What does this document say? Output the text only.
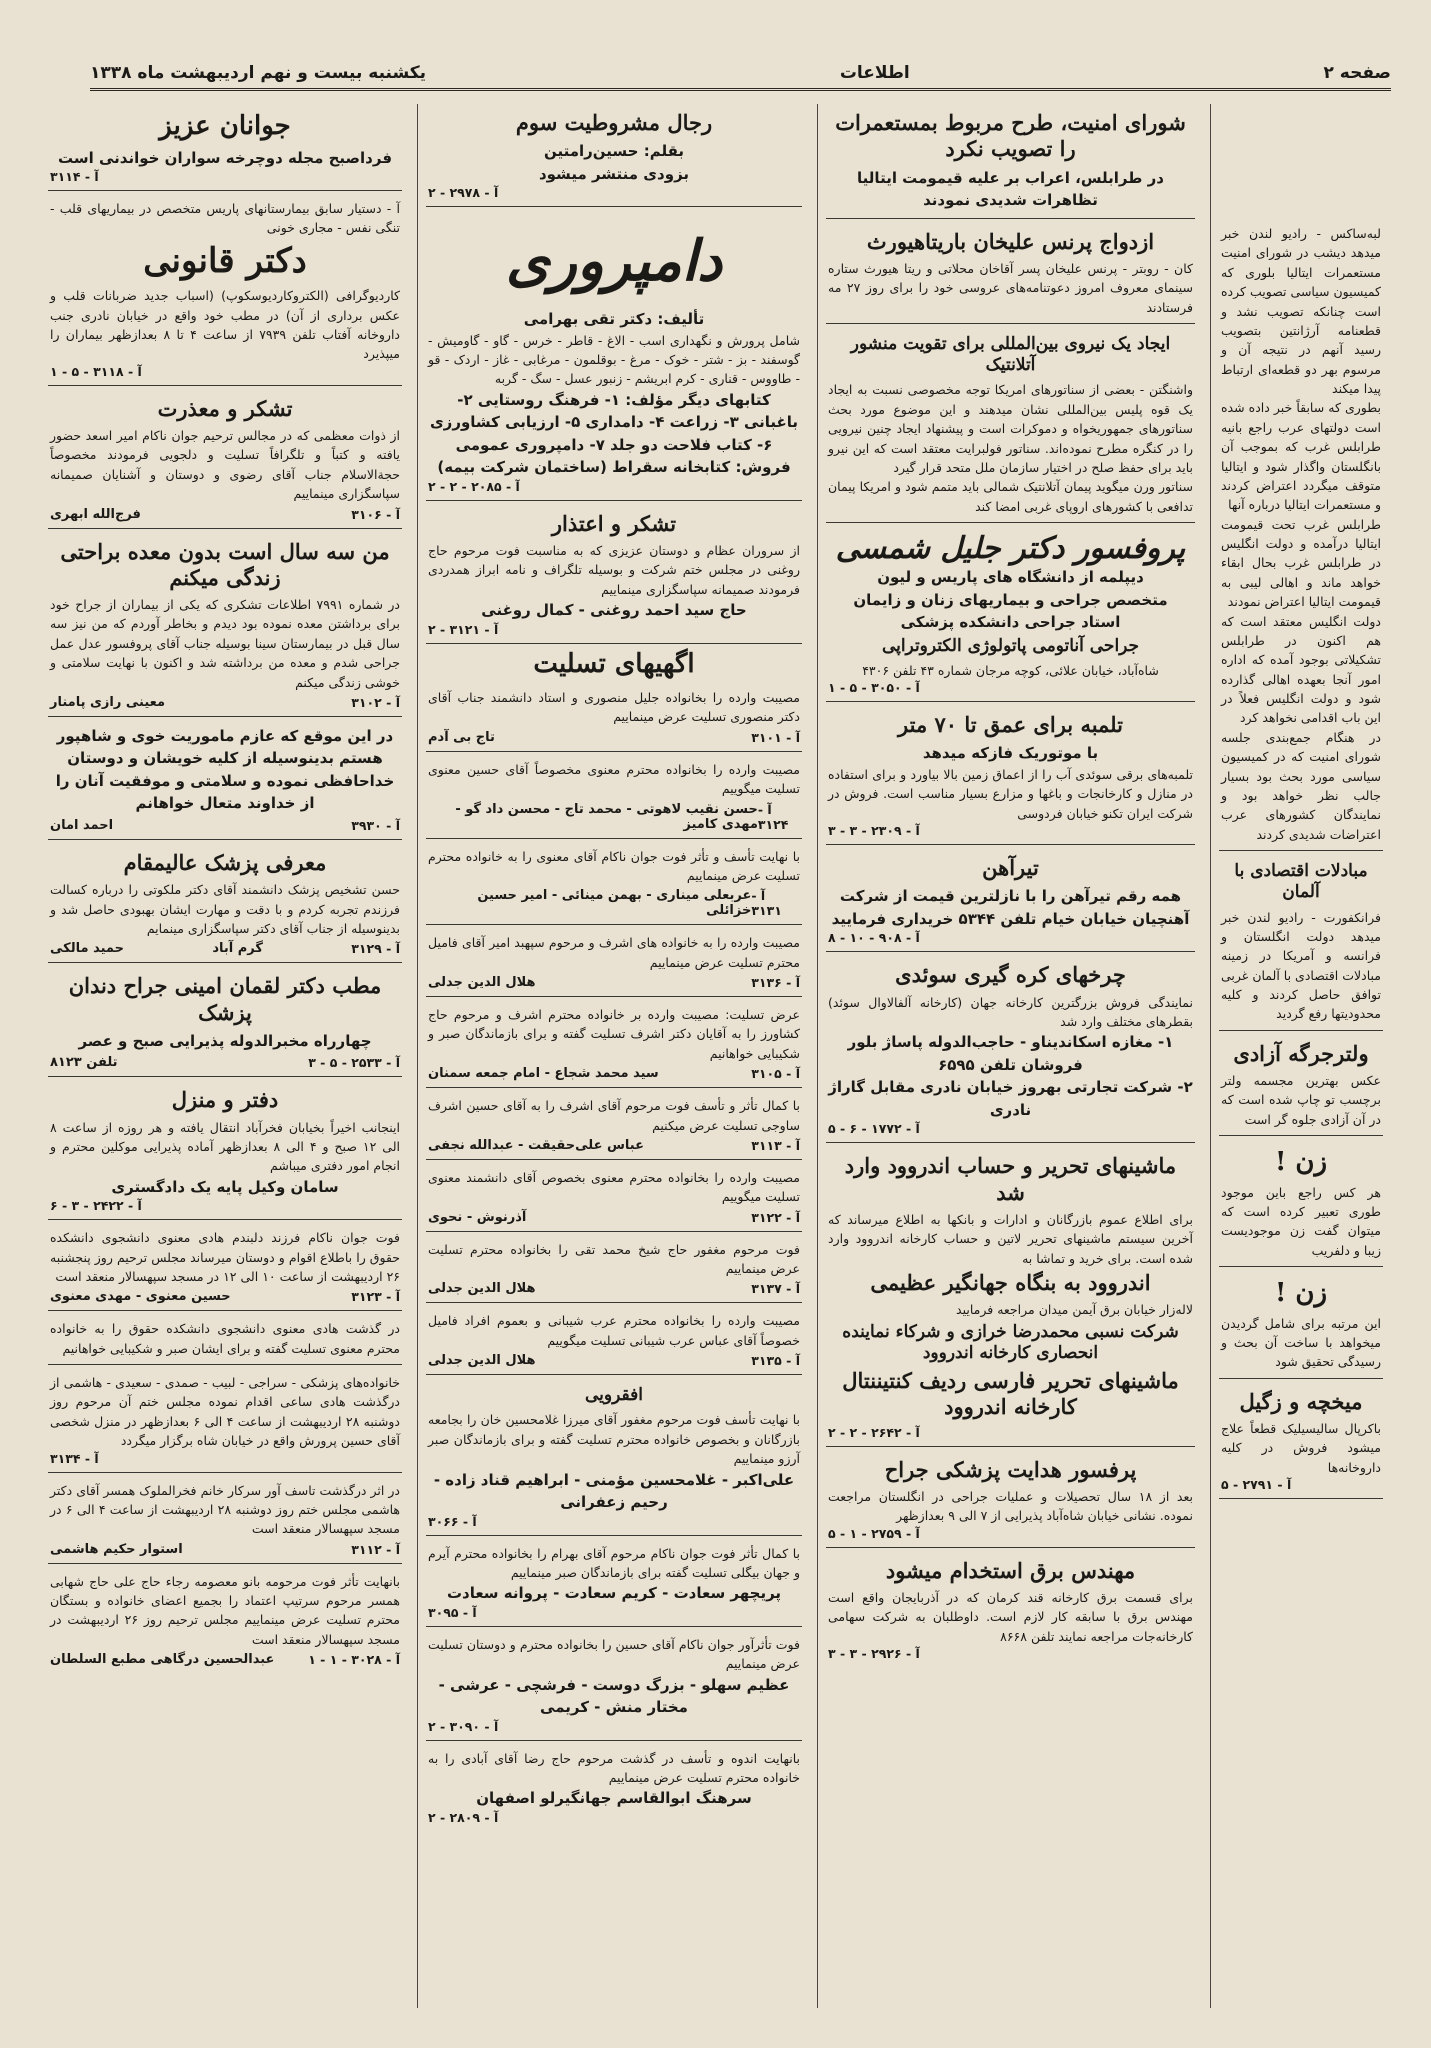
صفحه ۲
اطلاعات
یکشنبه بیست و نهم اردیبهشت ماه ۱۳۳۸
لبه‌ساکس - رادیو لندن خبر میدهد دیشب در شورای امنیت مستعمرات ایتالیا بلوری که کمیسیون سیاسی تصویب کرده است چنانکه تصویب نشد و قطعنامه آرژانتین بتصویب رسید آنهم در نتیجه آن و مرسوم بهر دو قطعه‌ای ارتباط پیدا میکند
بطوری که سابقاً خبر داده شده است دولتهای عرب راجع بانیه طرابلس غرب که بموجب آن بانگلستان واگذار شود و ایتالیا متوقف میگردد اعتراض کردند و مستعمرات ایتالیا درباره آنها
طرابلس غرب تحت قیمومت ایتالیا درآمده و دولت انگلیس در طرابلس غرب بحال ابقاء خواهد ماند و اهالی لیبی به قیمومت ایتالیا اعتراض نمودند
دولت انگلیس معتقد است که هم اکنون در طرابلس تشکیلاتی بوجود آمده که اداره امور آنجا بعهده اهالی گذارده شود و دولت انگلیس فعلاً در این باب اقدامی نخواهد کرد
در هنگام جمع‌بندی جلسه شورای امنیت که در کمیسیون سیاسی مورد بحث بود بسیار جالب نظر خواهد بود و نمایندگان کشورهای عرب اعتراضات شدیدی کردند
مبادلات اقتصادی با آلمان
فرانکفورت - رادیو لندن خبر میدهد دولت انگلستان و فرانسه و آمریکا در زمینه مبادلات اقتصادی با آلمان غربی توافق حاصل کردند و کلیه محدودیتها رفع گردید
ولترجرگه آزادی
عکس بهترین مجسمه ولتر برچسب تو چاپ شده است که در آن آزادی جلوه گر است
زن !
هر کس راجع باین موجود طوری تعبیر کرده است که میتوان گفت زن موجودیست زیبا و دلفریب
زن !
این مرتبه برای شامل گردیدن میخواهد با ساخت آن بحث و رسیدگی تحقیق شود
میخچه و زگیل
باکرپال سالیسیلیک قطعاً علاج میشود فروش در کلیه داروخانه‌ها
آ - ۲۷۹۱ - ۵
شورای امنیت، طرح مربوط بمستعمرات را تصویب نکرد
در طرابلس، اعراب بر علیه قیمومت ایتالیا تظاهرات شدیدی نمودند
ازدواج پرنس علیخان باریتاهیورث
کان - روبتر - پرنس علیخان پسر آقاخان محلاتی و ریتا هیورث ستاره سینمای معروف امروز دعوتنامه‌های عروسی خود را برای روز ۲۷ مه فرستادند
ایجاد یک نیروی بین‌المللی برای تقویت منشور آتلانتیک
واشنگتن - بعضی از سناتورهای امریکا توجه مخصوصی نسبت به ایجاد یک قوه پلیس بین‌المللی نشان میدهند و این موضوع مورد بحث سناتورهای جمهوریخواه و دموکرات است و پیشنهاد ایجاد چنین نیرویی را در کنگره مطرح نموده‌اند. سناتور فولبرایت معتقد است که این نیرو باید برای حفظ صلح در اختیار سازمان ملل متحد قرار گیرد
سناتور ورن میگوید پیمان آتلانتیک شمالی باید متمم شود و امریکا پیمان تدافعی با کشورهای اروپای غربی امضا کند
پروفسور دکتر جلیل شمسی
دیپلمه از دانشگاه های پاریس و لیون
متخصص جراحی و بیماریهای زنان و زایمان
استاد جراحی دانشکده پزشکی
جراحی آناتومی پاتولوژی الکتروتراپی
شاه‌آباد، خیابان علائی، کوچه مرجان شماره ۴۳ تلفن ۴۳۰۶
آ - ۳۰۵۰ - ۵ - ۱
تلمبه برای عمق تا ۷۰ متر
با موتوریک فازکه میدهد
تلمبه‌های برقی سوئدی آب را از اعماق زمین بالا بیاورد و برای استفاده در منازل و کارخانجات و باغها و مزارع بسیار مناسب است. فروش در شرکت ایران تکنو خیابان فردوسی
آ - ۲۳۰۹ - ۳ - ۳
تیرآهن
همه رقم تیرآهن را با نازلترین قیمت از شرکت آهنچیان خیابان خیام تلفن ۵۳۴۴ خریداری فرمایید
آ - ۹۰۸ - ۱۰ - ۸
چرخهای کره گیری سوئدی
نمایندگی فروش بزرگترین کارخانه جهان (کارخانه آلفالاوال سوئد) بقطرهای مختلف وارد شد
۱- مغازه اسکاندیناو - حاجب‌الدوله پاساژ بلور فروشان تلفن ۶۵۹۵
۲- شرکت تجارتی بهروز خیابان نادری مقابل گاراژ نادری
آ - ۱۷۷۲ - ۶ - ۵
ماشینهای تحریر و حساب اندروود وارد شد
برای اطلاع عموم بازرگانان و ادارات و بانکها به اطلاع میرساند که آخرین سیستم ماشینهای تحریر لاتین و حساب کارخانه اندروود وارد شده است. برای خرید و تماشا به
اندروود به بنگاه جهانگیر عظیمی
لاله‌زار خیابان برق آیمن میدان مراجعه فرمایید
شرکت نسبی محمدرضا خرازی و شرکاء نماینده انحصاری کارخانه اندروود
ماشینهای تحریر فارسی ردیف کنتیننتال کارخانه اندروود
آ - ۲۶۴۲ - ۲ - ۲
پرفسور هدایت پزشکی جراح
بعد از ۱۸ سال تحصیلات و عملیات جراحی در انگلستان مراجعت نموده. نشانی خیابان شاه‌آباد پذیرایی از ۷ الی ۹ بعدازظهر
آ - ۲۷۵۹ - ۱ - ۵
مهندس برق استخدام میشود
برای قسمت برق کارخانه قند کرمان که در آذربایجان واقع است مهندس برق با سابقه کار لازم است. داوطلبان به شرکت سهامی کارخانه‌جات مراجعه نمایند تلفن ۸۶۶۸
آ - ۲۹۲۶ - ۳ - ۳
رجال مشروطیت سوم
بقلم: حسین‌رامتین
بزودی منتشر میشود
آ - ۲۹۷۸ - ۲
دامپروری
تألیف: دکتر تقی بهرامی
شامل پرورش و نگهداری اسب - الاغ - قاطر - خرس - گاو - گاومیش - گوسفند - بز - شتر - خوک - مرغ - بوقلمون - مرغابی - غاز - اردک - قو - طاووس - قناری - کرم ابریشم - زنبور عسل - سگ - گربه
کتابهای دیگر مؤلف: ۱- فرهنگ روستایی ۲- باغبانی ۳- زراعت ۴- دامداری ۵- ارزیابی کشاورزی ۶- کتاب فلاحت دو جلد ۷- دامپروری عمومی
فروش: کتابخانه سقراط (ساختمان شرکت بیمه)
آ - ۲۰۸۵ - ۲ - ۲
تشکر و اعتذار
از سروران عظام و دوستان عزیزی که به مناسبت فوت مرحوم حاج روغنی در مجلس ختم شرکت و بوسیله تلگراف و نامه ابراز همدردی فرمودند صمیمانه سپاسگزاری مینماییم
حاج سید احمد روغنی - کمال روغنی
آ - ۳۱۲۱ - ۲
اگهیهای تسلیت
مصیبت وارده را بخانواده جلیل منصوری و استاد دانشمند جناب آقای دکتر منصوری تسلیت عرض مینماییم
آ - ۳۱۰۱
تاج بی آدم
مصیبت وارده را بخانواده محترم معنوی مخصوصاً آقای حسین معنوی تسلیت میگوییم
آ - ۳۱۲۴
حسن نقیب لاهوتی - محمد تاج - محسن داد گو - مهدی کامیز
با نهایت تأسف و تأثر فوت جوان ناکام آقای معنوی را به خانواده محترم تسلیت عرض مینماییم
آ - ۳۱۳۱
عربعلی میناری - بهمن مینائی - امیر حسین خزائلی
مصیبت وارده را به خانواده های اشرف و مرحوم سپهبد امیر آقای فامیل محترم تسلیت عرض مینماییم
آ - ۳۱۳۶
هلال الدین جدلی
عرض تسلیت: مصیبت وارده بر خانواده محترم اشرف و مرحوم حاج کشاورز را به آقایان دکتر اشرف تسلیت گفته و برای بازماندگان صبر و شکیبایی خواهانیم
آ - ۳۱۰۵
سید محمد شجاع - امام جمعه سمنان
با کمال تأثر و تأسف فوت مرحوم آقای اشرف را به آقای حسین اشرف ساوجی تسلیت عرض میکنیم
آ - ۳۱۱۳
عباس علی‌حقیقت - عبدالله نجفی
مصیبت وارده را بخانواده محترم معنوی بخصوص آقای دانشمند معنوی تسلیت میگوییم
آ - ۳۱۲۲
آذرنوش - نحوی
فوت مرحوم مغفور حاج شیخ محمد تقی را بخانواده محترم تسلیت عرض مینماییم
آ - ۳۱۳۷
هلال الدین جدلی
مصیبت وارده را بخانواده محترم عرب شیبانی و بعموم افراد فامیل خصوصاً آقای عباس عرب شیبانی تسلیت میگوییم
آ - ۳۱۳۵
هلال الدین جدلی
افقرویی
با نهایت تأسف فوت مرحوم مغفور آقای میرزا غلامحسین خان را بجامعه بازرگانان و بخصوص خانواده محترم تسلیت گفته و برای بازماندگان صبر آرزو مینماییم
علی‌اکبر - غلامحسین مؤمنی - ابراهیم قناد زاده - رحیم زعفرانی
آ - ۳۰۶۶
با کمال تأثر فوت جوان ناکام مرحوم آقای بهرام را بخانواده محترم آیرم و جهان بیگلی تسلیت گفته برای بازماندگان صبر مینماییم
پریچهر سعادت - کریم سعادت - پروانه سعادت
آ - ۳۰۹۵
فوت تأثرآور جوان ناکام آقای حسین را بخانواده محترم و دوستان تسلیت عرض مینماییم
عظیم سهلو - بزرگ دوست - فرشچی - عرشی - مختار منش - کریمی
آ - ۳۰۹۰ - ۲
بانهایت اندوه و تأسف در گذشت مرحوم حاج رضا آقای آبادی را به خانواده محترم تسلیت عرض مینماییم
سرهنگ ابوالقاسم جهانگیرلو اصفهان
آ - ۲۸۰۹ - ۲
جوانان عزیز
فرداصبح مجله دوچرخه سواران خواندنی است
آ - ۳۱۱۴
آ - دستیار سابق بیمارستانهای پاریس متخصص در بیماریهای قلب - تنگی نفس - مجاری خونی
دکتر قانونی
کاردیوگرافی (الکتروکاردیوسکوپ) (اسباب جدید ضربانات قلب و عکس برداری از آن) در مطب خود واقع در خیابان نادری جنب داروخانه آفتاب تلفن ۷۹۳۹ از ساعت ۴ تا ۸ بعدازظهر بیماران را میپذیرد
آ - ۳۱۱۸ - ۵ - ۱
تشکر و معذرت
از ذوات معظمی که در مجالس ترحیم جوان ناکام امیر اسعد حضور یافته و کتباً و تلگرافاً تسلیت و دلجویی فرمودند مخصوصاً حجةالاسلام جناب آقای رضوی و دوستان و آشنایان صمیمانه سپاسگزاری مینماییم
آ - ۳۱۰۶
فرج‌الله ابهری
من سه سال است بدون معده براحتی زندگی میکنم
در شماره ۷۹۹۱ اطلاعات تشکری که یکی از بیماران از جراح خود برای برداشتن معده نموده بود دیدم و بخاطر آوردم که من نیز سه سال قبل در بیمارستان سینا بوسیله جناب آقای پروفسور عدل عمل جراحی شدم و معده من برداشته شد و اکنون با نهایت سلامتی و خوشی زندگی میکنم
آ - ۳۱۰۲
معینی رازی پامنار
در این موقع که عازم ماموریت خوی و شاهپور هستم بدینوسیله از کلیه خویشان و دوستان خداحافظی نموده و سلامتی و موفقیت آنان را از خداوند متعال خواهانم
آ - ۳۹۳۰
احمد امان
معرفی پزشک عالیمقام
حسن تشخیص پزشک دانشمند آقای دکتر ملکوتی را درباره کسالت فرزندم تجربه کردم و با دقت و مهارت ایشان بهبودی حاصل شد و بدینوسیله از جناب آقای دکتر سپاسگزاری مینمایم
آ - ۳۱۲۹
گرم آباد
حمید مالکی
مطب دکتر لقمان امینی جراح دندان پزشک
چهارراه مخبرالدوله پذیرایی صبح و عصر
آ - ۲۵۳۳ - ۵ - ۳
تلفن ۸۱۲۳
دفتر و منزل
اینجانب اخیراً بخیابان فخرآباد انتقال یافته و هر روزه از ساعت ۸ الی ۱۲ صبح و ۴ الی ۸ بعدازظهر آماده پذیرایی موکلین محترم و انجام امور دفتری میباشم
سامان وکیل پایه یک دادگستری
آ - ۲۴۲۲ - ۳ - ۶
فوت جوان ناکام فرزند دلبندم هادی معنوی دانشجوی دانشکده حقوق را باطلاع اقوام و دوستان میرساند مجلس ترحیم روز پنجشنبه ۲۶ اردیبهشت از ساعت ۱۰ الی ۱۲ در مسجد سپهسالار منعقد است
آ - ۳۱۲۳
حسین معنوی - مهدی معنوی
در گذشت هادی معنوی دانشجوی دانشکده حقوق را به خانواده محترم معنوی تسلیت گفته و برای ایشان صبر و شکیبایی خواهانیم
خانواده‌های پزشکی - سراجی - لبیب - صمدی - سعیدی - هاشمی از درگذشت هادی ساعی اقدام نموده مجلس ختم آن مرحوم روز دوشنبه ۲۸ اردیبهشت از ساعت ۴ الی ۶ بعدازظهر در منزل شخصی آقای حسین پرورش واقع در خیابان شاه برگزار میگردد
آ - ۳۱۳۴
در اثر درگذشت تاسف آور سرکار خانم فخرالملوک همسر آقای دکتر هاشمی مجلس ختم روز دوشنبه ۲۸ اردیبهشت از ساعت ۴ الی ۶ در مسجد سپهسالار منعقد است
آ - ۳۱۱۲
استوار حکیم هاشمی
بانهایت تأثر فوت مرحومه بانو معصومه رجاء حاج علی حاج شهابی همسر مرحوم سرتیپ اعتماد را بجمیع اعضای خانواده و بستگان محترم تسلیت عرض مینماییم مجلس ترحیم روز ۲۶ اردیبهشت در مسجد سپهسالار منعقد است
آ - ۳۰۲۸ - ۱ - ۱
عبدالحسین درگاهی مطبع السلطان
